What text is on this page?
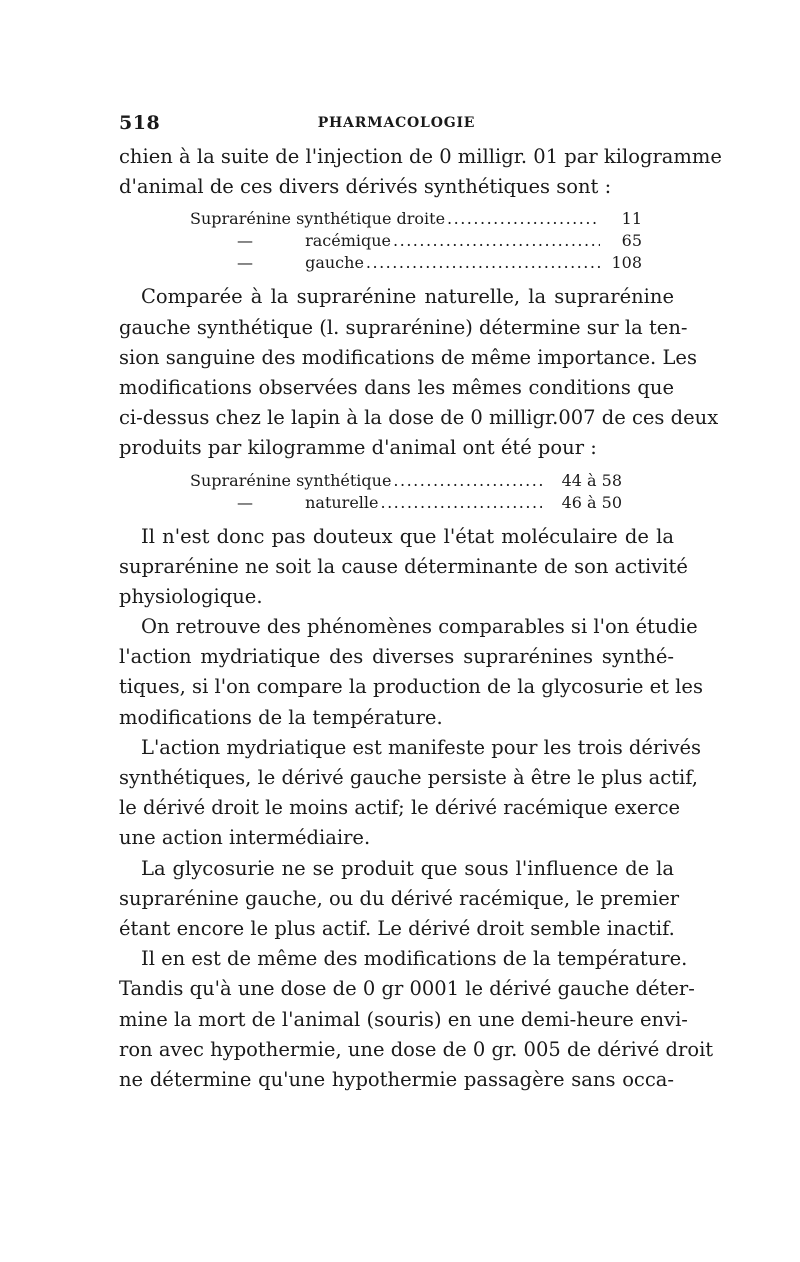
518	PHARMACOLOGIE
chien à la suite de l'injection de 0 milligr. 01 par kilogramme
d'animal de ces divers dérivés synthétiques sont :
Suprarénine synthétique droite .....	11
—	racémique .....	65
—	gauche .....	108
Comparée à la suprarénine naturelle, la suprarénine
gauche synthétique (l. suprarénine) détermine sur la ten-
sion sanguine des modifications de même importance. Les
modifications observées dans les mêmes conditions que
ci-dessus chez le lapin à la dose de 0 milligr.007 de ces deux
produits par kilogramme d'animal ont été pour :
Suprarénine synthétique .....	44 à 58
—	naturelle .....	46 à 50
Il n'est donc pas douteux que l'état moléculaire de la
suprarénine ne soit la cause déterminante de son activité
physiologique.
On retrouve des phénomènes comparables si l'on étudie
l'action mydriatique des diverses suprarénines synthé-
tiques, si l'on compare la production de la glycosurie et les
modifications de la température.
L'action mydriatique est manifeste pour les trois dérivés
synthétiques, le dérivé gauche persiste à être le plus actif,
le dérivé droit le moins actif; le dérivé racémique exerce
une action intermédiaire.
La glycosurie ne se produit que sous l'influence de la
suprarénine gauche, ou du dérivé racémique, le premier
étant encore le plus actif. Le dérivé droit semble inactif.
Il en est de même des modifications de la température.
Tandis qu'à une dose de 0 gr 0001 le dérivé gauche déter-
mine la mort de l'animal (souris) en une demi-heure envi-
ron avec hypothermie, une dose de 0 gr. 005 de dérivé droit
ne détermine qu'une hypothermie passagère sans occa-
